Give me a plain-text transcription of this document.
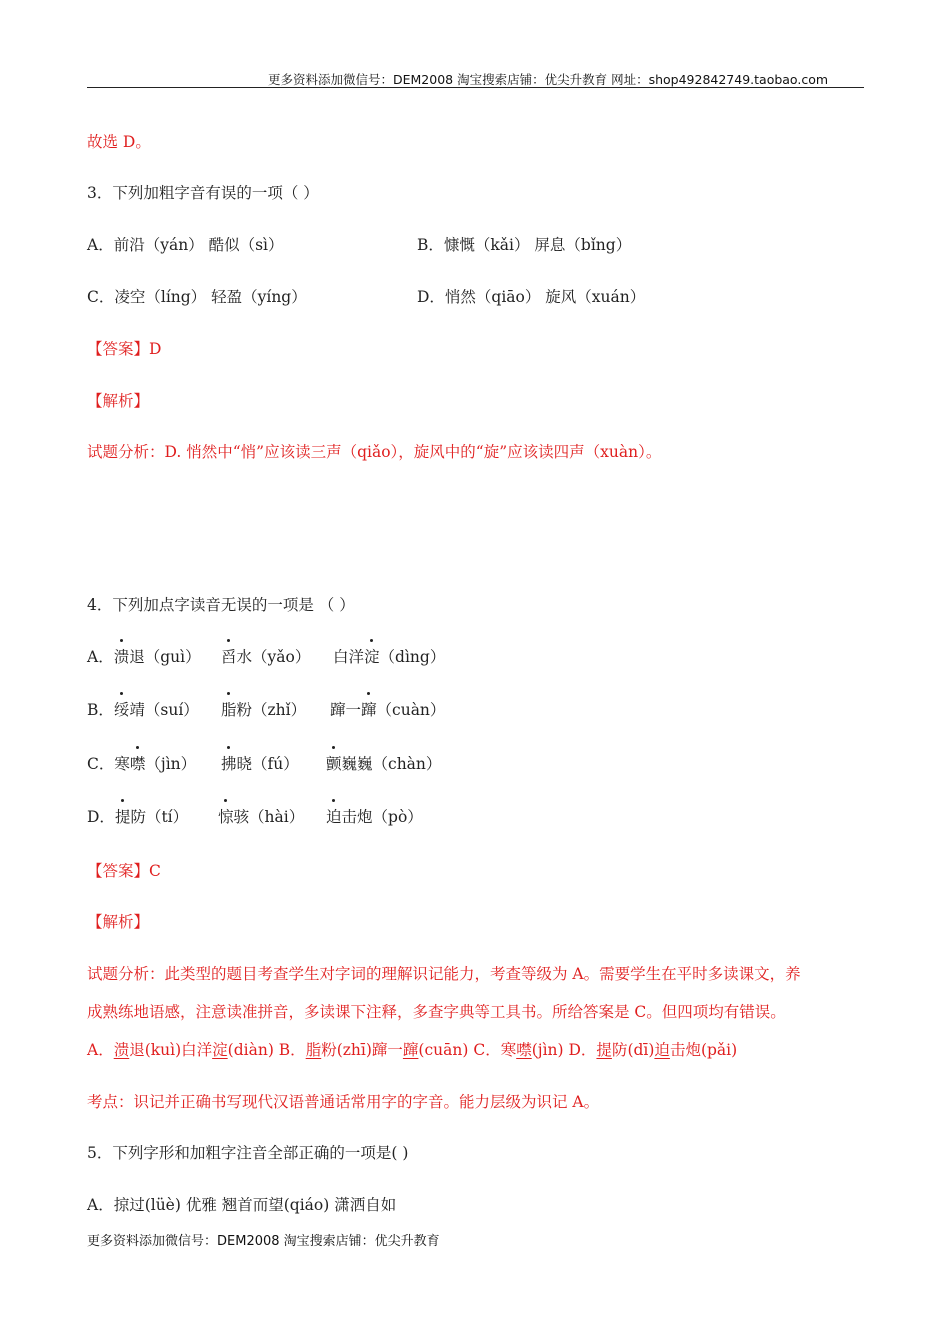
更多资料添加微信号：DEM2008 淘宝搜索店铺：优尖升教育 网址：shop492842749.taobao.com
故选 D。
3．下列加粗字音有误的一项（ ）
A．前沿（yán） 酷似（sì）	B．慷慨（kǎi） 屏息（bǐng）
C．凌空（líng） 轻盈（yíng）	D．悄然（qiāo） 旋风（xuán）
【答案】D
【解析】
试题分析：D. 悄然中“悄”应该读三声（qiǎo），旋风中的“旋”应该读四声（xuàn）。
4．下列加点字读音无误的一项是 （ ）
A．溃退（guì） 舀水（yǎo） 白洋淀（dìng）
B．绥靖（suí） 脂粉（zhǐ） 蹿一蹿（cuàn）
C．寒噤（jìn） 拂晓（fú） 颤巍巍（chàn）
D．提防（tí） 惊骇（hài） 迫击炮（pò）
【答案】C
【解析】
试题分析：此类型的题目考查学生对字词的理解识记能力，考查等级为 A。需要学生在平时多读课文，养
成熟练地语感，注意读准拼音，多读课下注释，多查字典等工具书。所给答案是 C。但四项均有错误。
A．溃退(kuì)白洋淀(diàn) B．脂粉(zhī)蹿一蹿(cuān) C．寒噤(jìn) D．提防(dī)迫击炮(pǎi)
考点：识记并正确书写现代汉语普通话常用字的字音。能力层级为识记 A。
5．下列字形和加粗字注音全部正确的一项是( )
A．掠过(lüè) 优雅 翘首而望(qiáo) 潇洒自如
更多资料添加微信号：DEM2008 淘宝搜索店铺：优尖升教育
